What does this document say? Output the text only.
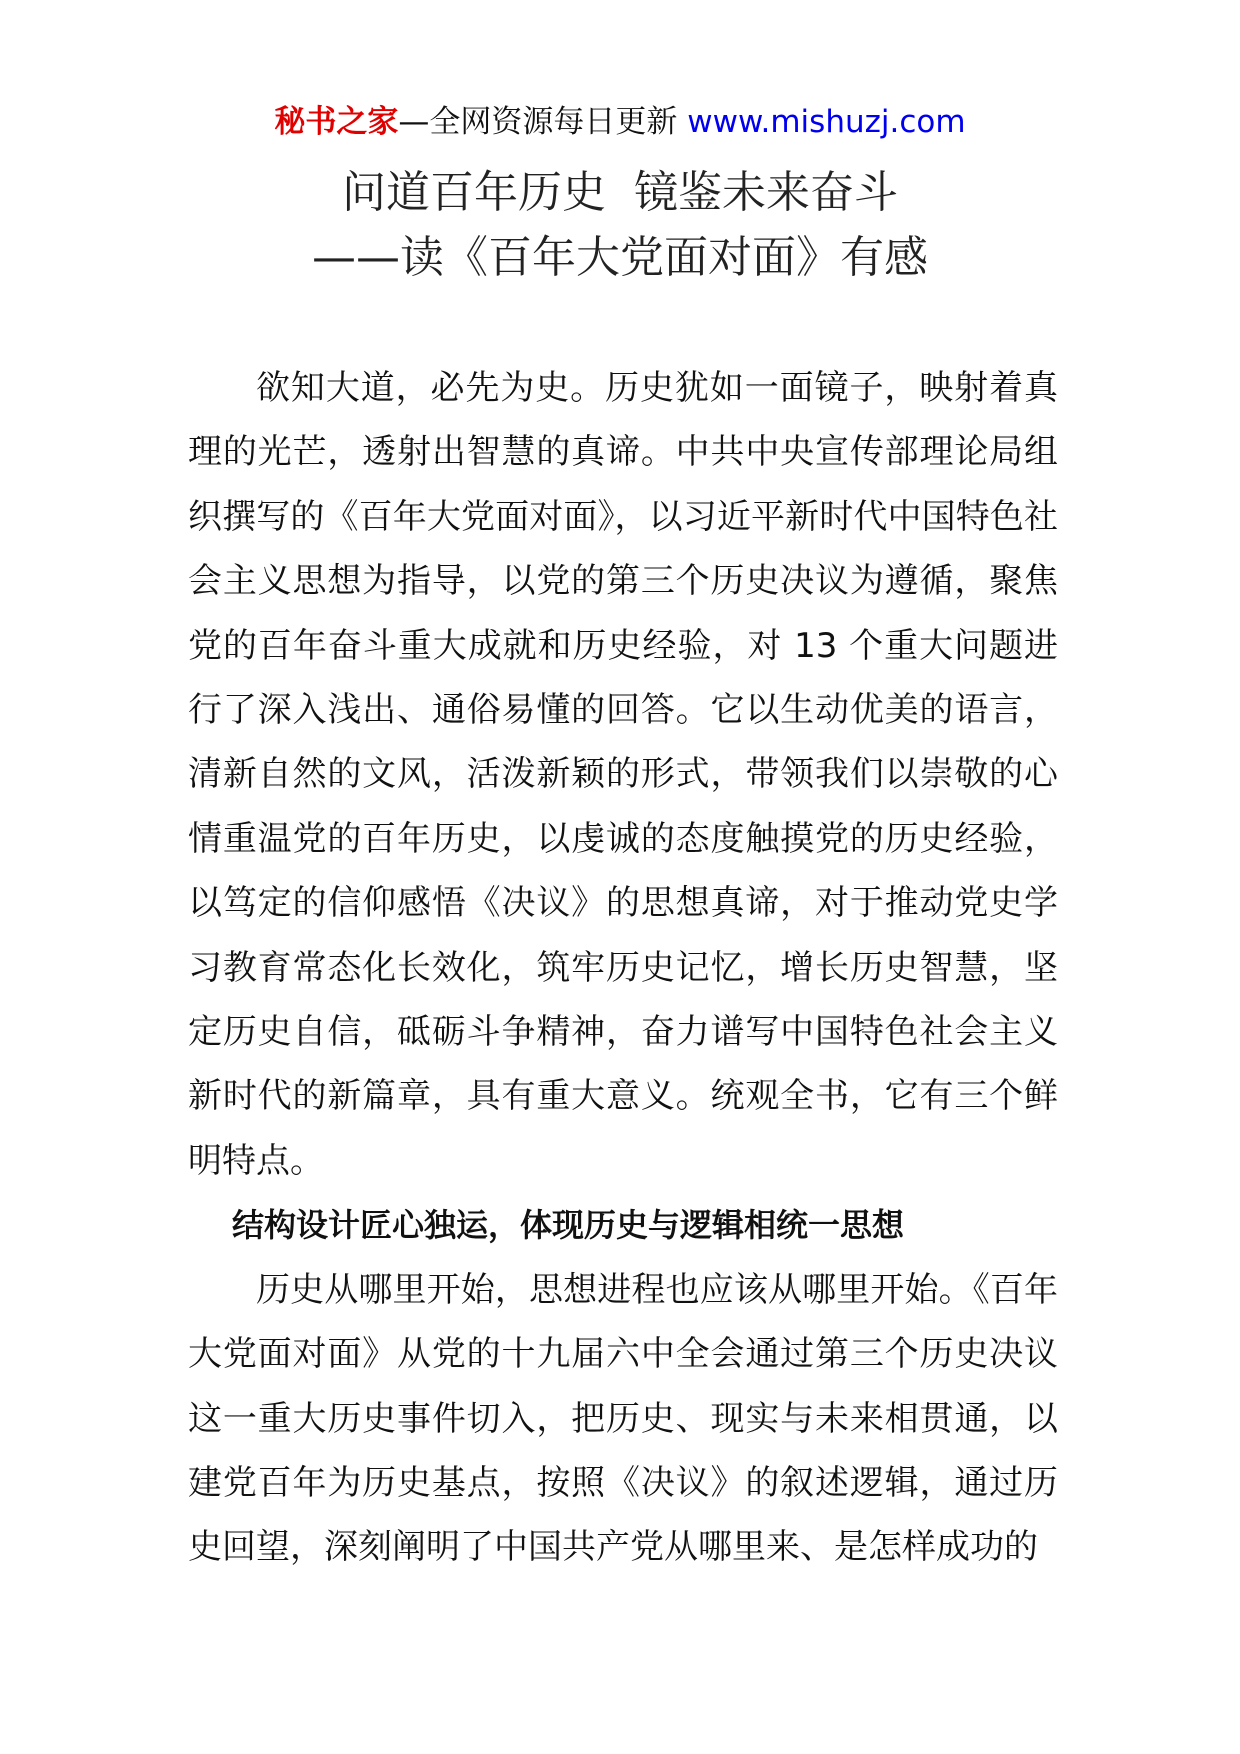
秘书之家—全网资源每日更新 www.mishuzj.com
问道百年历史  镜鉴未来奋斗
——读《百年大党面对面》有感

欲知大道，必先为史。历史犹如一面镜子，映射着真理的光芒，透射出智慧的真谛。中共中央宣传部理论局组织撰写的《百年大党面对面》，以习近平新时代中国特色社会主义思想为指导，以党的第三个历史决议为遵循，聚焦党的百年奋斗重大成就和历史经验，对 13 个重大问题进行了深入浅出、通俗易懂的回答。它以生动优美的语言，清新自然的文风，活泼新颖的形式，带领我们以崇敬的心情重温党的百年历史，以虔诚的态度触摸党的历史经验，以笃定的信仰感悟《决议》的思想真谛，对于推动党史学习教育常态化长效化，筑牢历史记忆，增长历史智慧，坚定历史自信，砥砺斗争精神，奋力谱写中国特色社会主义新时代的新篇章，具有重大意义。统观全书，它有三个鲜明特点。

结构设计匠心独运，体现历史与逻辑相统一思想

历史从哪里开始，思想进程也应该从哪里开始。《百年大党面对面》从党的十九届六中全会通过第三个历史决议这一重大历史事件切入，把历史、现实与未来相贯通，以建党百年为历史基点，按照《决议》的叙述逻辑，通过历史回望，深刻阐明了中国共产党从哪里来、是怎样成功的
